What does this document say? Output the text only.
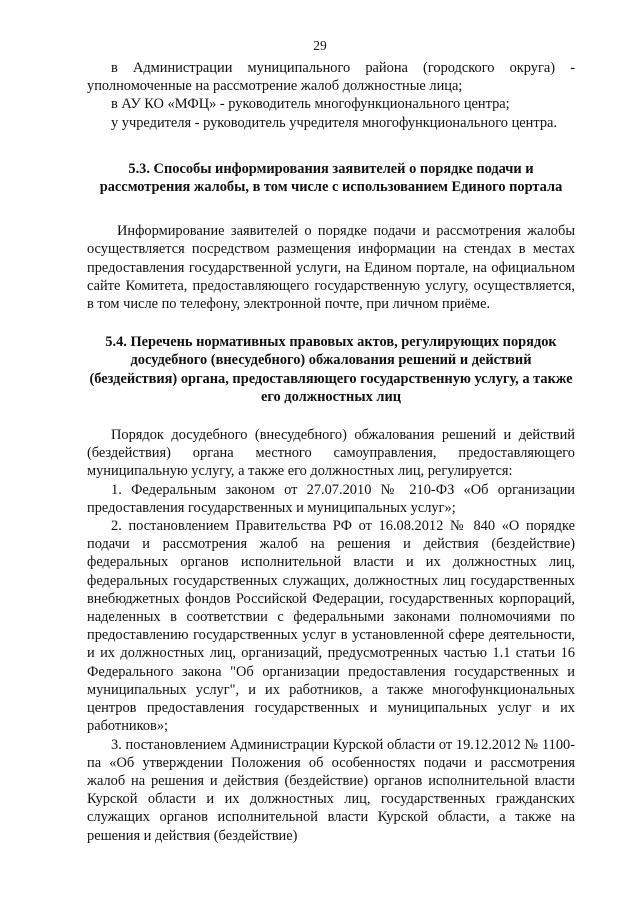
29

в Администрации муниципального района (городского округа) - уполномоченные на рассмотрение жалоб должностные лица;

в АУ КО «МФЦ» - руководитель многофункционального центра;

у учредителя - руководитель учредителя многофункционального центра.

5.3. Способы информирования заявителей о порядке подачи и рассмотрения жалобы, в том числе с использованием Единого портала

Информирование заявителей о порядке подачи и рассмотрения жалобы осуществляется посредством размещения информации на стендах в местах предоставления государственной услуги, на Едином портале, на официальном сайте Комитета, предоставляющего государственную услугу, осуществляется, в том числе по телефону, электронной почте, при личном приёме.

5.4. Перечень нормативных правовых актов, регулирующих порядок досудебного (внесудебного) обжалования решений и действий (бездействия) органа, предоставляющего государственную услугу, а также его должностных лиц

Порядок досудебного (внесудебного) обжалования решений и действий (бездействия) органа местного самоуправления, предоставляющего муниципальную услугу, а также его должностных лиц, регулируется:

1. Федеральным законом от 27.07.2010 № 210-ФЗ «Об организации предоставления государственных и муниципальных услуг»;

2. постановлением Правительства РФ от 16.08.2012 № 840 «О порядке подачи и рассмотрения жалоб на решения и действия (бездействие) федеральных органов исполнительной власти и их должностных лиц, федеральных государственных служащих, должностных лиц государственных внебюджетных фондов Российской Федерации, государственных корпораций, наделенных в соответствии с федеральными законами полномочиями по предоставлению государственных услуг в установленной сфере деятельности, и их должностных лиц, организаций, предусмотренных частью 1.1 статьи 16 Федерального закона "Об организации предоставления государственных и муниципальных услуг", и их работников, а также многофункциональных центров предоставления государственных и муниципальных услуг и их работников»;

3. постановлением Администрации Курской области от 19.12.2012 № 1100-па «Об утверждении Положения об особенностях подачи и рассмотрения жалоб на решения и действия (бездействие) органов исполнительной власти Курской области и их должностных лиц, государственных гражданских служащих органов исполнительной власти Курской области, а также на решения и действия (бездействие)
